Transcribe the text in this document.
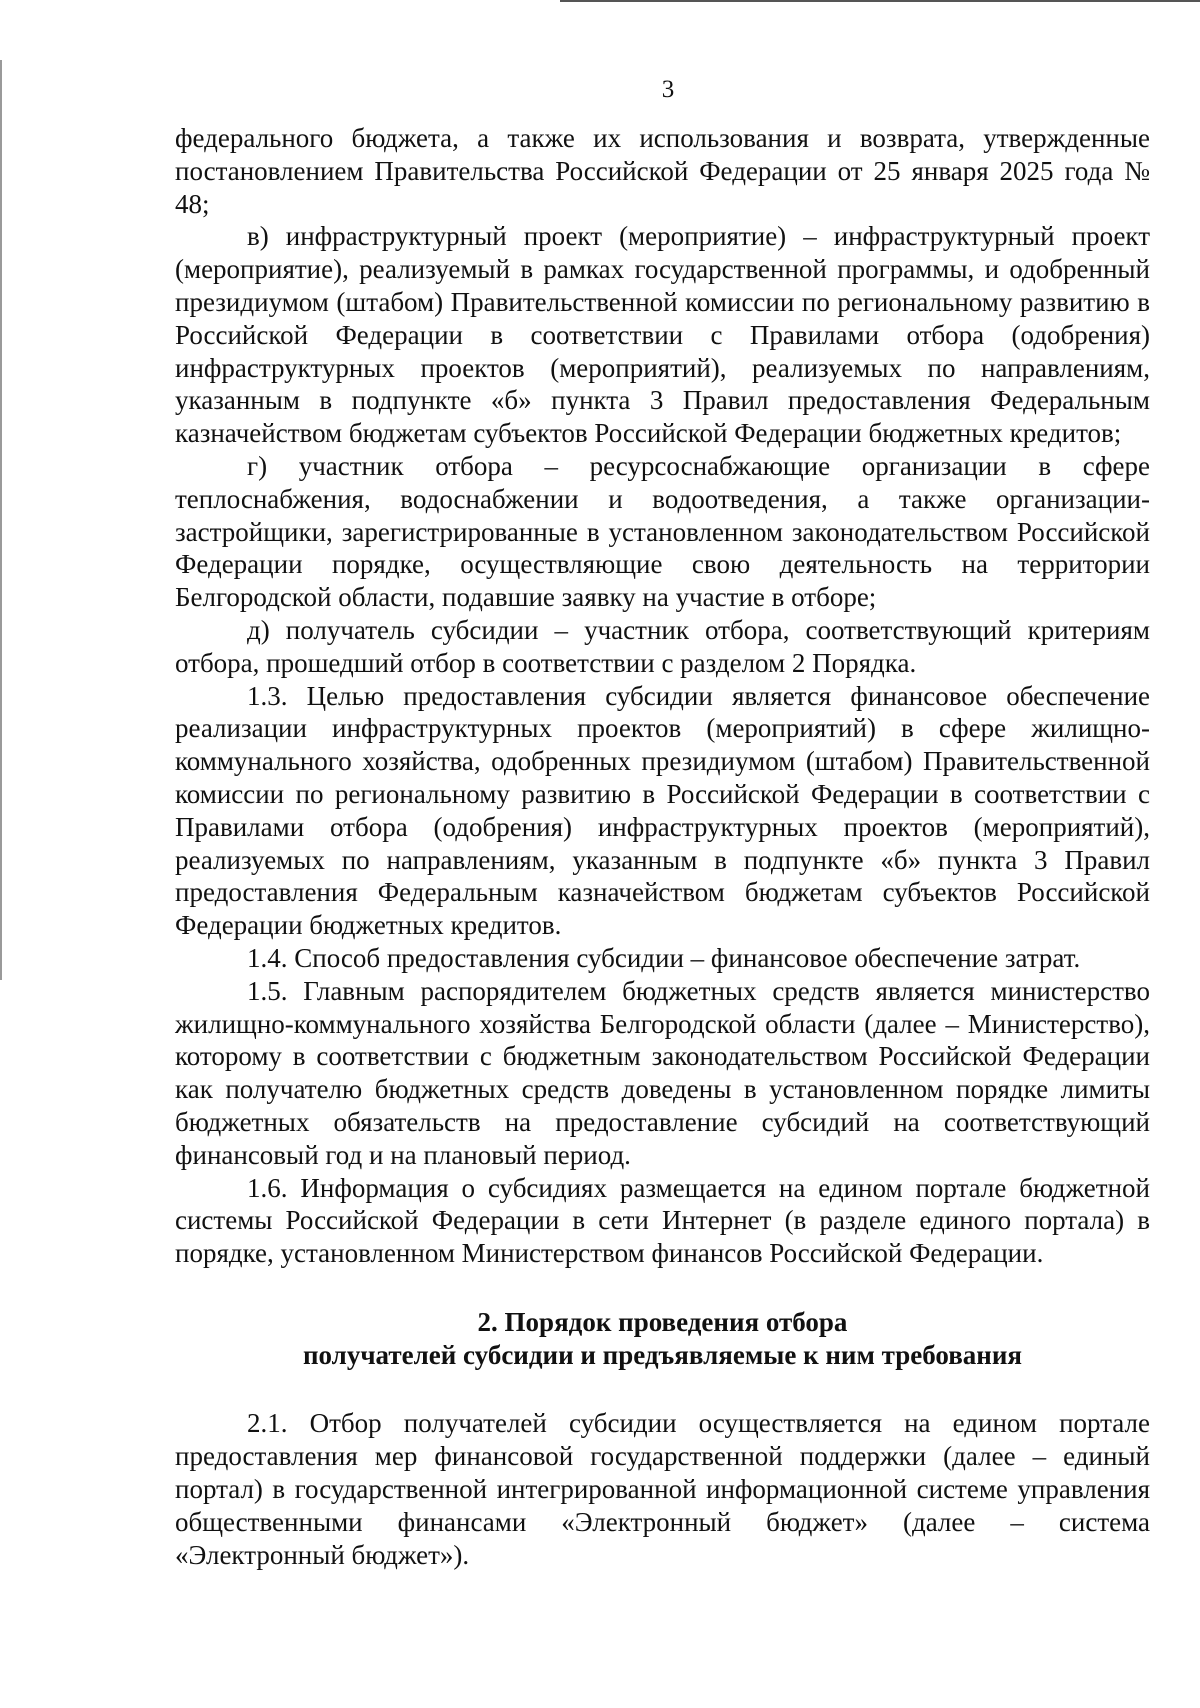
3

федерального бюджета, а также их использования и возврата, утвержденные постановлением Правительства Российской Федерации от 25 января 2025 года № 48;

в) инфраструктурный проект (мероприятие) – инфраструктурный проект (мероприятие), реализуемый в рамках государственной программы, и одобренный президиумом (штабом) Правительственной комиссии по региональному развитию в Российской Федерации в соответствии с Правилами отбора (одобрения) инфраструктурных проектов (мероприятий), реализуемых по направлениям, указанным в подпункте «б» пункта 3 Правил предоставления Федеральным казначейством бюджетам субъектов Российской Федерации бюджетных кредитов;

г) участник отбора – ресурсоснабжающие организации в сфере теплоснабжения, водоснабжении и водоотведения, а также организации-застройщики, зарегистрированные в установленном законодательством Российской Федерации порядке, осуществляющие свою деятельность на территории Белгородской области, подавшие заявку на участие в отборе;

д) получатель субсидии – участник отбора, соответствующий критериям отбора, прошедший отбор в соответствии с разделом 2 Порядка.

1.3. Целью предоставления субсидии является финансовое обеспечение реализации инфраструктурных проектов (мероприятий) в сфере жилищно-коммунального хозяйства, одобренных президиумом (штабом) Правительственной комиссии по региональному развитию в Российской Федерации в соответствии с Правилами отбора (одобрения) инфраструктурных проектов (мероприятий), реализуемых по направлениям, указанным в подпункте «б» пункта 3 Правил предоставления Федеральным казначейством бюджетам субъектов Российской Федерации бюджетных кредитов.

1.4. Способ предоставления субсидии – финансовое обеспечение затрат.

1.5. Главным распорядителем бюджетных средств является министерство жилищно-коммунального хозяйства Белгородской области (далее – Министерство), которому в соответствии с бюджетным законодательством Российской Федерации как получателю бюджетных средств доведены в установленном порядке лимиты бюджетных обязательств на предоставление субсидий на соответствующий финансовый год и на плановый период.

1.6. Информация о субсидиях размещается на едином портале бюджетной системы Российской Федерации в сети Интернет (в разделе единого портала) в порядке, установленном Министерством финансов Российской Федерации.

2. Порядок проведения отбора
получателей субсидии и предъявляемые к ним требования

2.1. Отбор получателей субсидии осуществляется на едином портале предоставления мер финансовой государственной поддержки (далее – единый портал) в государственной интегрированной информационной системе управления общественными финансами «Электронный бюджет» (далее – система «Электронный бюджет»).
